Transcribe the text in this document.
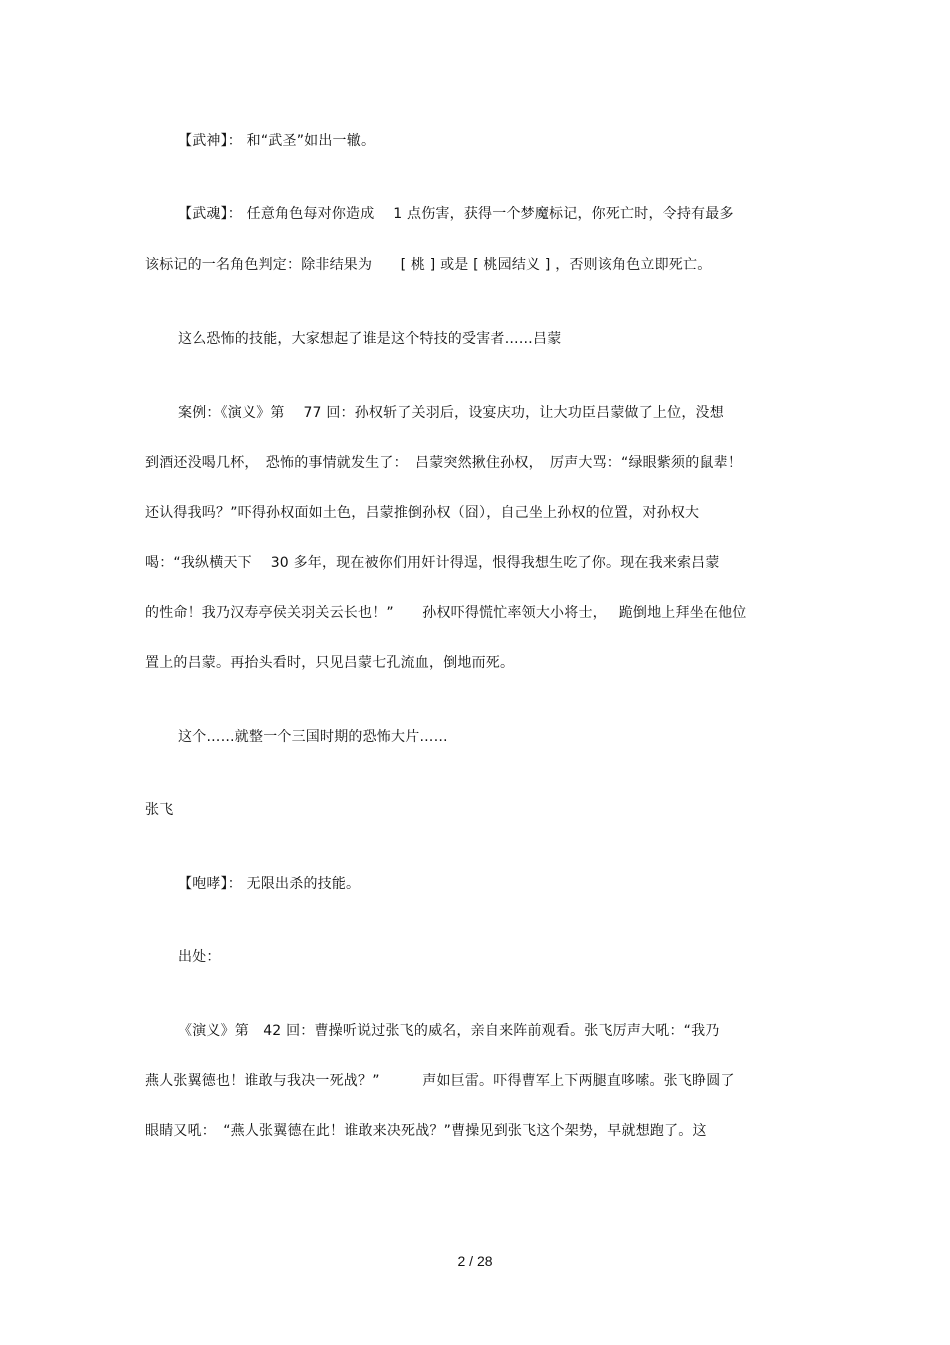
【武神】： 和“武圣”如出一辙。
【武魂】： 任意角色每对你造成　 1 点伤害，获得一个梦魔标记，你死亡时，令持有最多
该标记的一名角色判定：除非结果为　　[ 桃 ] 或是 [ 桃园结义 ] ，否则该角色立即死亡。
这么恐怖的技能，大家想起了谁是这个特技的受害者……吕蒙
案例：《演义》第　 77 回：孙权斩了关羽后，设宴庆功，让大功臣吕蒙做了上位，没想
到酒还没喝几杯，　恐怖的事情就发生了：　吕蒙突然揪住孙权，　厉声大骂：“绿眼紫须的鼠辈！
还认得我吗？”吓得孙权面如土色，吕蒙推倒孙权（囧），自己坐上孙权的位置，对孙权大
喝：“我纵横天下　 30 多年，现在被你们用奸计得逞，恨得我想生吃了你。现在我来索吕蒙
的性命！我乃汉寿亭侯关羽关云长也！”　　孙权吓得慌忙率领大小将士，　 跪倒地上拜坐在他位
置上的吕蒙。再抬头看时，只见吕蒙七孔流血，倒地而死。
这个……就整一个三国时期的恐怖大片……
张飞
【咆哮】： 无限出杀的技能。
出处：
《演义》第　42 回：曹操听说过张飞的威名，亲自来阵前观看。张飞厉声大吼：“我乃
燕人张翼德也！谁敢与我决一死战？”　　　声如巨雷。吓得曹军上下两腿直哆嗦。张飞睁圆了
眼睛又吼：　“燕人张翼德在此！谁敢来决死战？”曹操见到张飞这个架势，早就想跑了。这
2 / 28
